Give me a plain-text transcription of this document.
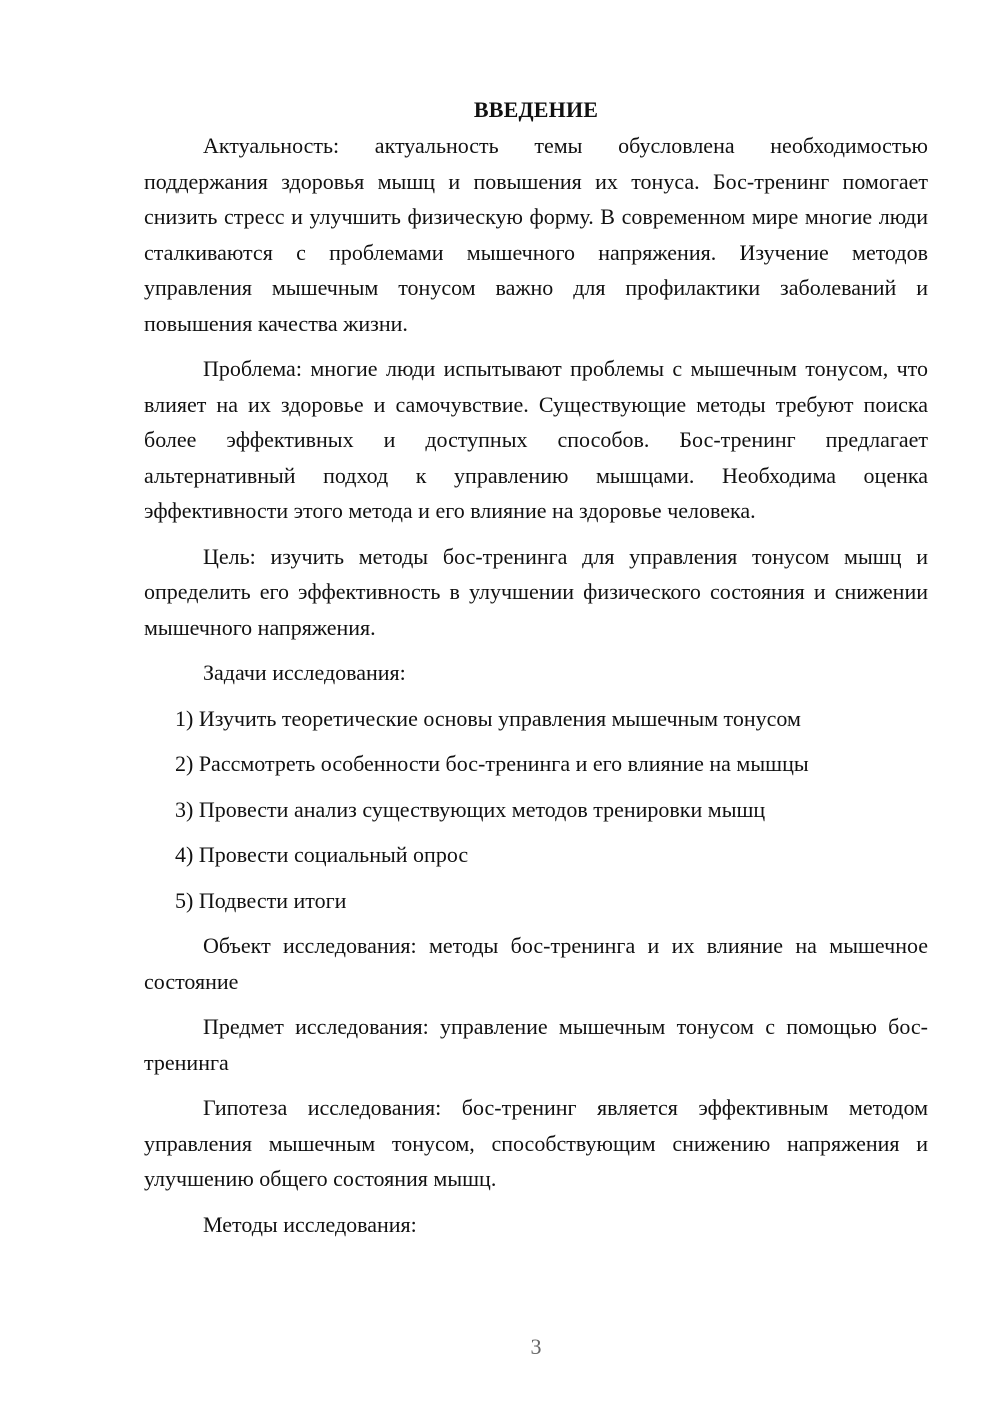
ВВЕДЕНИЕ

Актуальность: актуальность темы обусловлена необходимостью поддержания здоровья мышц и повышения их тонуса. Бос-тренинг помогает снизить стресс и улучшить физическую форму. В современном мире многие люди сталкиваются с проблемами мышечного напряжения. Изучение методов управления мышечным тонусом важно для профилактики заболеваний и повышения качества жизни.

Проблема: многие люди испытывают проблемы с мышечным тонусом, что влияет на их здоровье и самочувствие. Существующие методы требуют поиска более эффективных и доступных способов. Бос-тренинг предлагает альтернативный подход к управлению мышцами. Необходима оценка эффективности этого метода и его влияние на здоровье человека.

Цель: изучить методы бос-тренинга для управления тонусом мышц и определить его эффективность в улучшении физического состояния и снижении мышечного напряжения.

Задачи исследования:

1) Изучить теоретические основы управления мышечным тонусом
2) Рассмотреть особенности бос-тренинга и его влияние на мышцы
3) Провести анализ существующих методов тренировки мышц
4) Провести социальный опрос
5) Подвести итоги

Объект исследования: методы бос-тренинга и их влияние на мышечное состояние

Предмет исследования: управление мышечным тонусом с помощью бос-тренинга

Гипотеза исследования: бос-тренинг является эффективным методом управления мышечным тонусом, способствующим снижению напряжения и улучшению общего состояния мышц.

Методы исследования:

3
